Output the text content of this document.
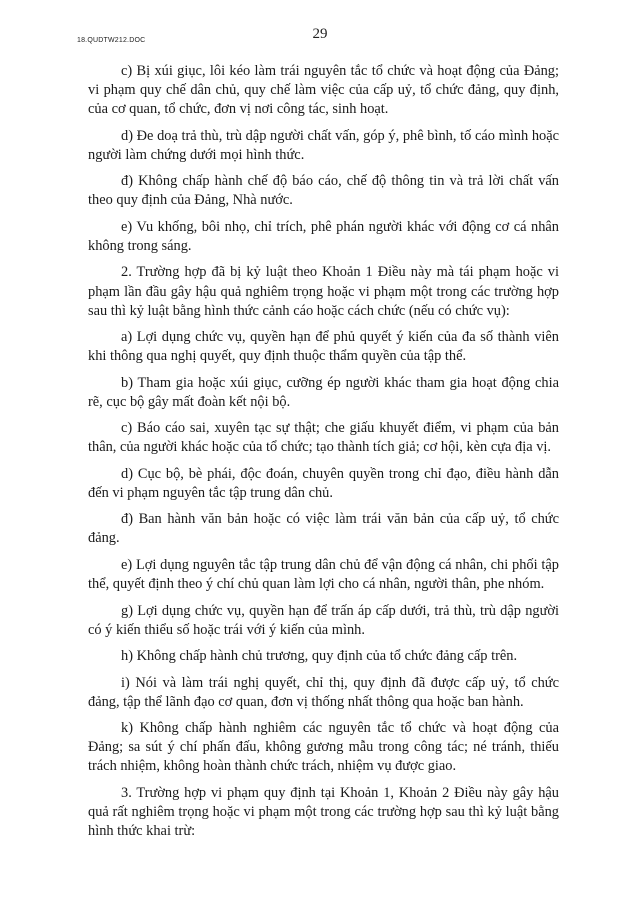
18.QUDTW212.DOC	29

c) Bị xúi giục, lôi kéo làm trái nguyên tắc tổ chức và hoạt động của Đảng; vi phạm quy chế dân chủ, quy chế làm việc của cấp uỷ, tổ chức đảng, quy định, của cơ quan, tổ chức, đơn vị nơi công tác, sinh hoạt.

d) Đe doạ trả thù, trù dập người chất vấn, góp ý, phê bình, tố cáo mình hoặc người làm chứng dưới mọi hình thức.

đ) Không chấp hành chế độ báo cáo, chế độ thông tin và trả lời chất vấn theo quy định của Đảng, Nhà nước.

e) Vu khống, bôi nhọ, chỉ trích, phê phán người khác với động cơ cá nhân không trong sáng.

2. Trường hợp đã bị kỷ luật theo Khoản 1 Điều này mà tái phạm hoặc vi phạm lần đầu gây hậu quả nghiêm trọng hoặc vi phạm một trong các trường hợp sau thì kỷ luật bằng hình thức cảnh cáo hoặc cách chức (nếu có chức vụ):

a) Lợi dụng chức vụ, quyền hạn để phủ quyết ý kiến của đa số thành viên khi thông qua nghị quyết, quy định thuộc thẩm quyền của tập thể.

b) Tham gia hoặc xúi giục, cưỡng ép người khác tham gia hoạt động chia rẽ, cục bộ gây mất đoàn kết nội bộ.

c) Báo cáo sai, xuyên tạc sự thật; che giấu khuyết điểm, vi phạm của bản thân, của người khác hoặc của tổ chức; tạo thành tích giả; cơ hội, kèn cựa địa vị.

d) Cục bộ, bè phái, độc đoán, chuyên quyền trong chỉ đạo, điều hành dẫn đến vi phạm nguyên tắc tập trung dân chủ.

đ) Ban hành văn bản hoặc có việc làm trái văn bản của cấp uỷ, tổ chức đảng.

e) Lợi dụng nguyên tắc tập trung dân chủ để vận động cá nhân, chi phối tập thể, quyết định theo ý chí chủ quan làm lợi cho cá nhân, người thân, phe nhóm.

g) Lợi dụng chức vụ, quyền hạn để trấn áp cấp dưới, trả thù, trù dập người có ý kiến thiểu số hoặc trái với ý kiến của mình.

h) Không chấp hành chủ trương, quy định của tổ chức đảng cấp trên.

i) Nói và làm trái nghị quyết, chỉ thị, quy định đã được cấp uỷ, tổ chức đảng, tập thể lãnh đạo cơ quan, đơn vị thống nhất thông qua hoặc ban hành.

k) Không chấp hành nghiêm các nguyên tắc tổ chức và hoạt động của Đảng; sa sút ý chí phấn đấu, không gương mẫu trong công tác; né tránh, thiếu trách nhiệm, không hoàn thành chức trách, nhiệm vụ được giao.

3. Trường hợp vi phạm quy định tại Khoản 1, Khoản 2 Điều này gây hậu quả rất nghiêm trọng hoặc vi phạm một trong các trường hợp sau thì kỷ luật bằng hình thức khai trừ:
